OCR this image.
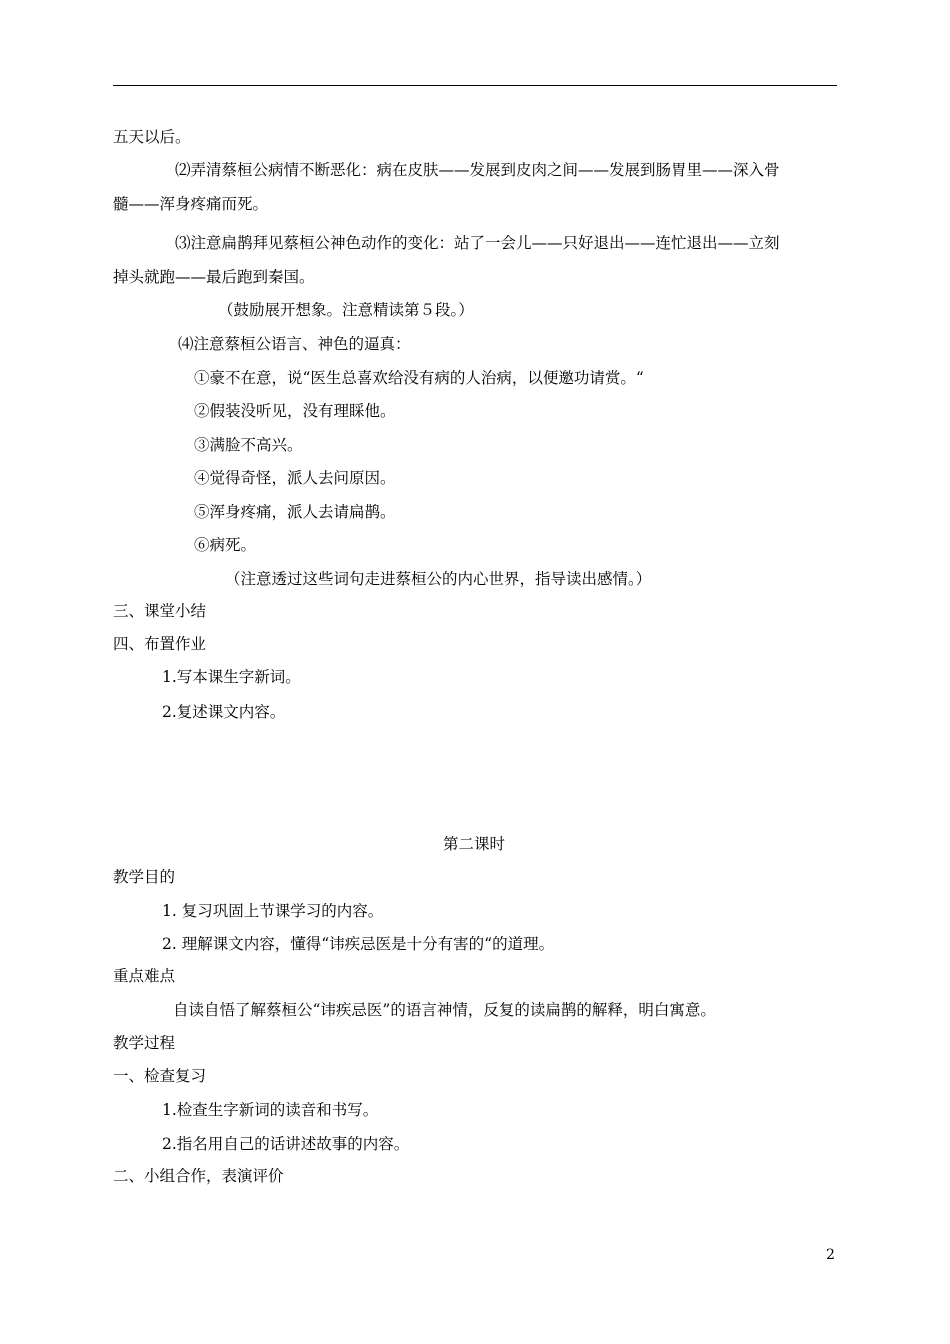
五天以后。
⑵弄清蔡桓公病情不断恶化：病在皮肤——发展到皮肉之间——发展到肠胃里——深入骨
髓——浑身疼痛而死。
⑶注意扁鹊拜见蔡桓公神色动作的变化：站了一会儿——只好退出——连忙退出——立刻
掉头就跑——最后跑到秦国。
（鼓励展开想象。注意精读第５段。）
⑷注意蔡桓公语言、神色的逼真：
①豪不在意，说“医生总喜欢给没有病的人治病，以便邀功请赏。“
②假装没听见，没有理睬他。
③满脸不高兴。
④觉得奇怪，派人去问原因。
⑤浑身疼痛，派人去请扁鹊。
⑥病死。
（注意透过这些词句走进蔡桓公的内心世界，指导读出感情。）
三、课堂小结
四、布置作业
1.写本课生字新词。
2.复述课文内容。
第二课时
教学目的
1. 复习巩固上节课学习的内容。
2. 理解课文内容，懂得“讳疾忌医是十分有害的“的道理。
重点难点
自读自悟了解蔡桓公“讳疾忌医”的语言神情，反复的读扁鹊的解释，明白寓意。
教学过程
一、检查复习
1.检查生字新词的读音和书写。
2.指名用自己的话讲述故事的内容。
二、小组合作，表演评价
2
